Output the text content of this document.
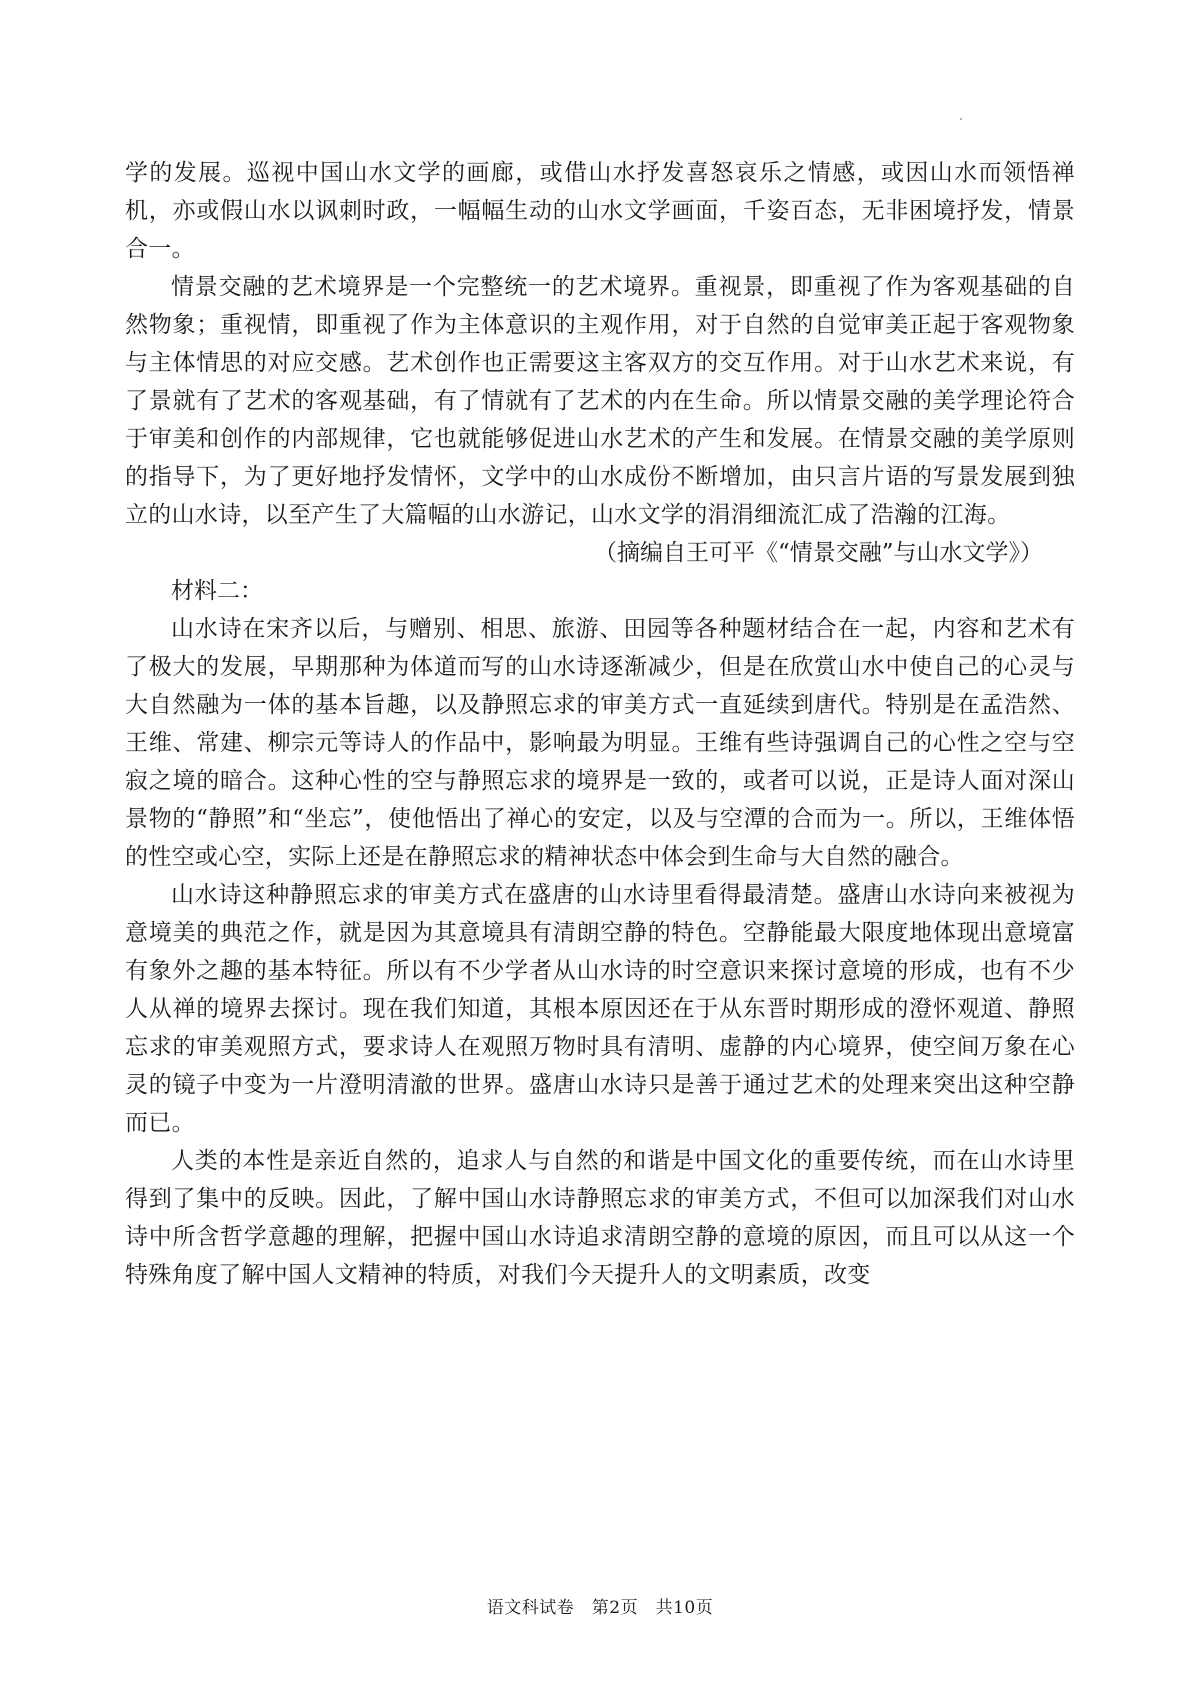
学的发展。巡视中国山水文学的画廊，或借山水抒发喜怒哀乐之情感，或因山水而领悟禅机，亦或假山水以讽刺时政，一幅幅生动的山水文学画面，千姿百态，无非困境抒发，情景合一。

情景交融的艺术境界是一个完整统一的艺术境界。重视景，即重视了作为客观基础的自然物象；重视情，即重视了作为主体意识的主观作用，对于自然的自觉审美正起于客观物象与主体情思的对应交感。艺术创作也正需要这主客双方的交互作用。对于山水艺术来说，有了景就有了艺术的客观基础，有了情就有了艺术的内在生命。所以情景交融的美学理论符合于审美和创作的内部规律，它也就能够促进山水艺术的产生和发展。在情景交融的美学原则的指导下，为了更好地抒发情怀，文学中的山水成份不断增加，由只言片语的写景发展到独立的山水诗，以至产生了大篇幅的山水游记，山水文学的涓涓细流汇成了浩瀚的江海。

（摘编自王可平《“情景交融”与山水文学》）

材料二：

山水诗在宋齐以后，与赠别、相思、旅游、田园等各种题材结合在一起，内容和艺术有了极大的发展，早期那种为体道而写的山水诗逐渐减少，但是在欣赏山水中使自己的心灵与大自然融为一体的基本旨趣，以及静照忘求的审美方式一直延续到唐代。特别是在孟浩然、王维、常建、柳宗元等诗人的作品中，影响最为明显。王维有些诗强调自己的心性之空与空寂之境的暗合。这种心性的空与静照忘求的境界是一致的，或者可以说，正是诗人面对深山景物的“静照”和“坐忘”，使他悟出了禅心的安定，以及与空潭的合而为一。所以，王维体悟的性空或心空，实际上还是在静照忘求的精神状态中体会到生命与大自然的融合。

山水诗这种静照忘求的审美方式在盛唐的山水诗里看得最清楚。盛唐山水诗向来被视为意境美的典范之作，就是因为其意境具有清朗空静的特色。空静能最大限度地体现出意境富有象外之趣的基本特征。所以有不少学者从山水诗的时空意识来探讨意境的形成，也有不少人从禅的境界去探讨。现在我们知道，其根本原因还在于从东晋时期形成的澄怀观道、静照忘求的审美观照方式，要求诗人在观照万物时具有清明、虚静的内心境界，使空间万象在心灵的镜子中变为一片澄明清澈的世界。盛唐山水诗只是善于通过艺术的处理来突出这种空静而已。

人类的本性是亲近自然的，追求人与自然的和谐是中国文化的重要传统，而在山水诗里得到了集中的反映。因此，了解中国山水诗静照忘求的审美方式，不但可以加深我们对山水诗中所含哲学意趣的理解，把握中国山水诗追求清朗空静的意境的原因，而且可以从这一个特殊角度了解中国人文精神的特质，对我们今天提升人的文明素质，改变

语文科试卷　第2页　共10页
